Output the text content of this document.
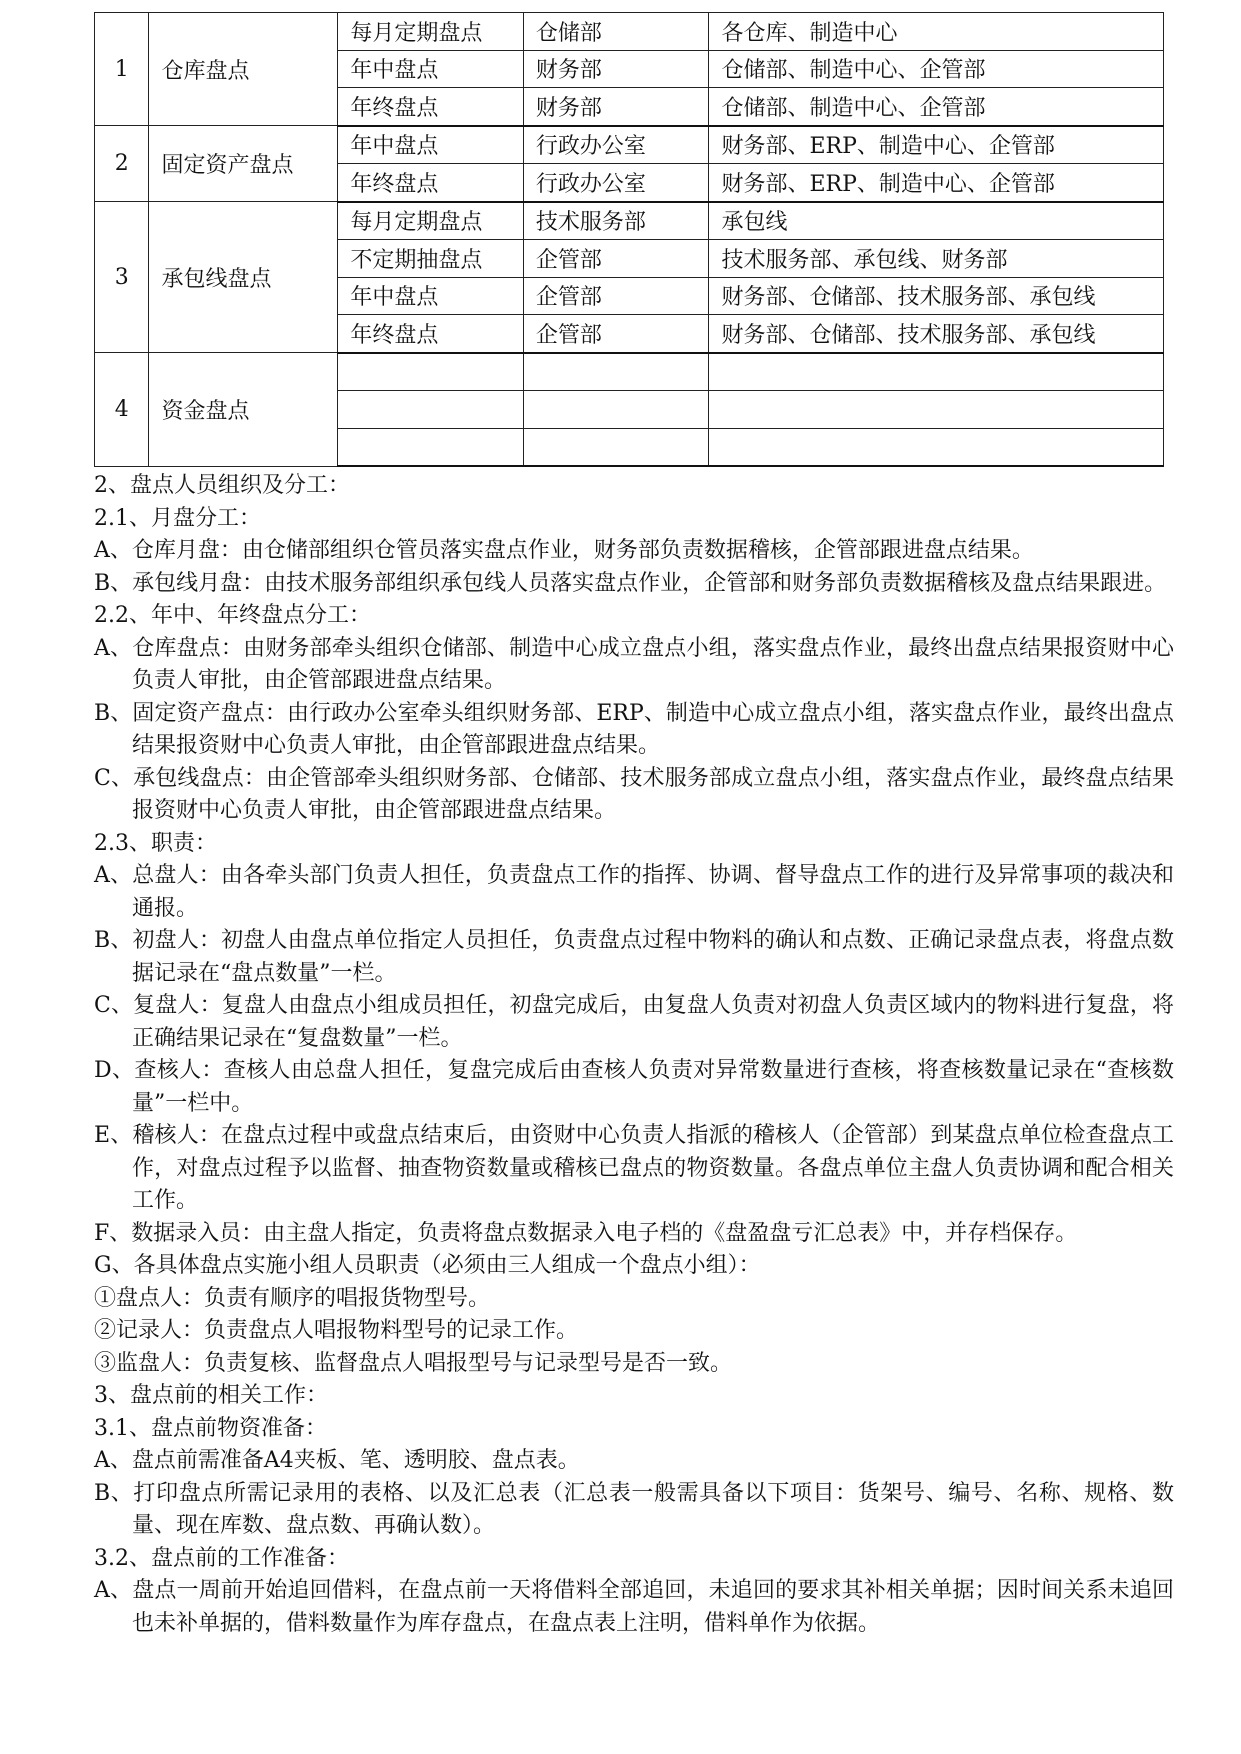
1	仓库盘点	每月定期盘点	仓储部	各仓库、制造中心
		年中盘点	财务部	仓储部、制造中心、企管部
		年终盘点	财务部	仓储部、制造中心、企管部
2	固定资产盘点	年中盘点	行政办公室	财务部、ERP、制造中心、企管部
		年终盘点	行政办公室	财务部、ERP、制造中心、企管部
3	承包线盘点	每月定期盘点	技术服务部	承包线
		不定期抽盘点	企管部	技术服务部、承包线、财务部
		年中盘点	企管部	财务部、仓储部、技术服务部、承包线
		年终盘点	企管部	财务部、仓储部、技术服务部、承包线
4	资金盘点			

2、盘点人员组织及分工：

2.1、月盘分工：

A、仓库月盘：由仓储部组织仓管员落实盘点作业，财务部负责数据稽核，企管部跟进盘点结果。

B、承包线月盘：由技术服务部组织承包线人员落实盘点作业，企管部和财务部负责数据稽核及盘点结果跟进。

2.2、年中、年终盘点分工：

A、仓库盘点：由财务部牵头组织仓储部、制造中心成立盘点小组，落实盘点作业，最终出盘点结果报资财中心负责人审批，由企管部跟进盘点结果。

B、固定资产盘点：由行政办公室牵头组织财务部、ERP、制造中心成立盘点小组，落实盘点作业，最终出盘点结果报资财中心负责人审批，由企管部跟进盘点结果。

C、承包线盘点：由企管部牵头组织财务部、仓储部、技术服务部成立盘点小组，落实盘点作业，最终盘点结果报资财中心负责人审批，由企管部跟进盘点结果。

2.3、职责：

A、总盘人：由各牵头部门负责人担任，负责盘点工作的指挥、协调、督导盘点工作的进行及异常事项的裁决和通报。

B、初盘人：初盘人由盘点单位指定人员担任，负责盘点过程中物料的确认和点数、正确记录盘点表，将盘点数据记录在“盘点数量”一栏。

C、复盘人：复盘人由盘点小组成员担任，初盘完成后，由复盘人负责对初盘人负责区域内的物料进行复盘，将正确结果记录在“复盘数量”一栏。

D、查核人：查核人由总盘人担任，复盘完成后由查核人负责对异常数量进行查核，将查核数量记录在“查核数量”一栏中。

E、稽核人：在盘点过程中或盘点结束后，由资财中心负责人指派的稽核人（企管部）到某盘点单位检查盘点工作，对盘点过程予以监督、抽查物资数量或稽核已盘点的物资数量。各盘点单位主盘人负责协调和配合相关工作。

F、数据录入员：由主盘人指定，负责将盘点数据录入电子档的《盘盈盘亏汇总表》中，并存档保存。

G、各具体盘点实施小组人员职责（必须由三人组成一个盘点小组）：

①盘点人：负责有顺序的唱报货物型号。

②记录人：负责盘点人唱报物料型号的记录工作。

③监盘人：负责复核、监督盘点人唱报型号与记录型号是否一致。

3、盘点前的相关工作：

3.1、盘点前物资准备：

A、盘点前需准备A4夹板、笔、透明胶、盘点表。

B、打印盘点所需记录用的表格、以及汇总表（汇总表一般需具备以下项目：货架号、编号、名称、规格、数量、现在库数、盘点数、再确认数）。

3.2、盘点前的工作准备：

A、盘点一周前开始追回借料，在盘点前一天将借料全部追回，未追回的要求其补相关单据；因时间关系未追回也未补单据的，借料数量作为库存盘点，在盘点表上注明，借料单作为依据。
